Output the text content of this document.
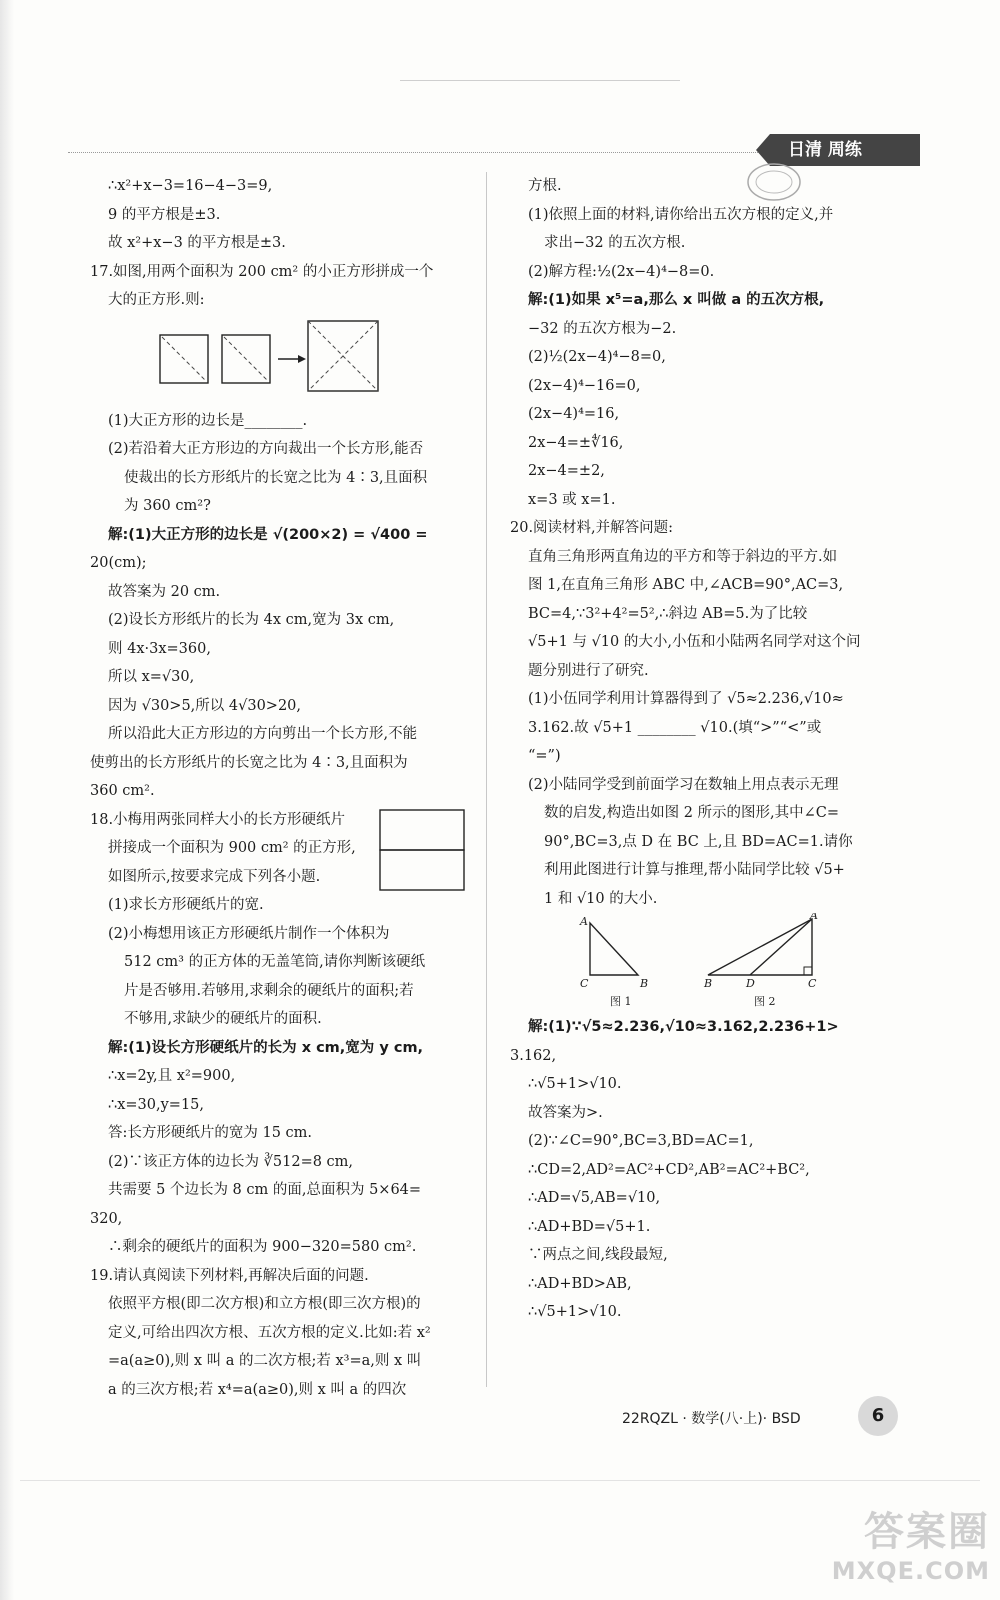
日清 周练
∴x²+x−3=16−4−3=9,
9 的平方根是±3.
故 x²+x−3 的平方根是±3.
17.如图,用两个面积为 200 cm² 的小正方形拼成一个
大的正方形.则:
(1)大正方形的边长是________.
(2)若沿着大正方形边的方向裁出一个长方形,能否
使裁出的长方形纸片的长宽之比为 4∶3,且面积
为 360 cm²?
解:(1)大正方形的边长是 √(200×2) = √400 =
20(cm);
故答案为 20 cm.
(2)设长方形纸片的长为 4x cm,宽为 3x cm,
则 4x·3x=360,
所以 x=√30,
因为 √30>5,所以 4√30>20,
所以沿此大正方形边的方向剪出一个长方形,不能
使剪出的长方形纸片的长宽之比为 4∶3,且面积为
360 cm².
18.小梅用两张同样大小的长方形硬纸片
拼接成一个面积为 900 cm² 的正方形,
如图所示,按要求完成下列各小题.
(1)求长方形硬纸片的宽.
(2)小梅想用该正方形硬纸片制作一个体积为
512 cm³ 的正方体的无盖笔筒,请你判断该硬纸
片是否够用.若够用,求剩余的硬纸片的面积;若
不够用,求缺少的硬纸片的面积.
解:(1)设长方形硬纸片的长为 x cm,宽为 y cm,
∴x=2y,且 x²=900,
∴x=30,y=15,
答:长方形硬纸片的宽为 15 cm.
(2)∵该正方体的边长为 ∛512=8 cm,
共需要 5 个边长为 8 cm 的面,总面积为 5×64=
320,
∴剩余的硬纸片的面积为 900−320=580 cm².
19.请认真阅读下列材料,再解决后面的问题.
依照平方根(即二次方根)和立方根(即三次方根)的
定义,可给出四次方根、五次方根的定义.比如:若 x²
=a(a≥0),则 x 叫 a 的二次方根;若 x³=a,则 x 叫
a 的三次方根;若 x⁴=a(a≥0),则 x 叫 a 的四次
方根.
(1)依照上面的材料,请你给出五次方根的定义,并
求出−32 的五次方根.
(2)解方程:½(2x−4)⁴−8=0.
解:(1)如果 x⁵=a,那么 x 叫做 a 的五次方根,
−32 的五次方根为−2.
(2)½(2x−4)⁴−8=0,
(2x−4)⁴−16=0,
(2x−4)⁴=16,
2x−4=±∜16,
2x−4=±2,
x=3 或 x=1.
20.阅读材料,并解答问题:
直角三角形两直角边的平方和等于斜边的平方.如
图 1,在直角三角形 ABC 中,∠ACB=90°,AC=3,
BC=4,∵3²+4²=5²,∴斜边 AB=5.为了比较
√5+1 与 √10 的大小,小伍和小陆两名同学对这个问
题分别进行了研究.
(1)小伍同学利用计算器得到了 √5≈2.236,√10≈
3.162.故 √5+1 ________ √10.(填“>”“<”或
“=”)
(2)小陆同学受到前面学习在数轴上用点表示无理
数的启发,构造出如图 2 所示的图形,其中∠C=
90°,BC=3,点 D 在 BC 上,且 BD=AC=1.请你
利用此图进行计算与推理,帮小陆同学比较 √5+
1 和 √10 的大小.
A
C	B
图 1
A
B	D	C
图 2
解:(1)∵√5≈2.236,√10≈3.162,2.236+1>
3.162,
∴√5+1>√10.
故答案为>.
(2)∵∠C=90°,BC=3,BD=AC=1,
∴CD=2,AD²=AC²+CD²,AB²=AC²+BC²,
∴AD=√5,AB=√10,
∴AD+BD=√5+1.
∵两点之间,线段最短,
∴AD+BD>AB,
∴√5+1>√10.
22RQZL · 数学(八·上)· BSD	6
答案圈
MXQE.COM
